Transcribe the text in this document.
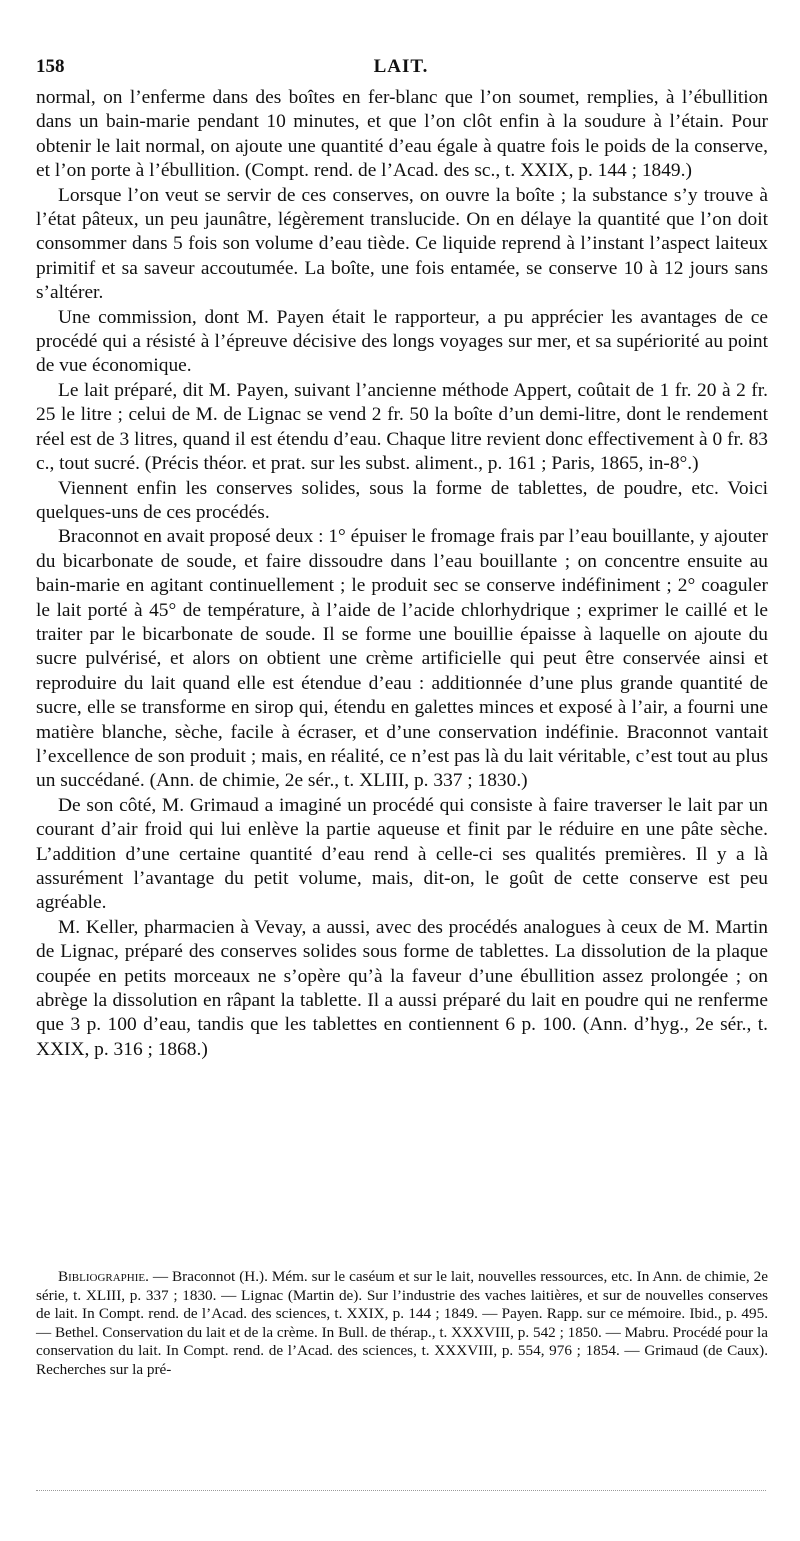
158	LAIT.

normal, on l’enferme dans des boîtes en fer-blanc que l’on soumet, remplies, à l’ébullition dans un bain-marie pendant 10 minutes, et que l’on clôt enfin à la soudure à l’étain. Pour obtenir le lait normal, on ajoute une quantité d’eau égale à quatre fois le poids de la conserve, et l’on porte à l’ébullition. (Compt. rend. de l’Acad. des sc., t. XXIX, p. 144 ; 1849.)

Lorsque l’on veut se servir de ces conserves, on ouvre la boîte ; la substance s’y trouve à l’état pâteux, un peu jaunâtre, légèrement translucide. On en délaye la quantité que l’on doit consommer dans 5 fois son volume d’eau tiède. Ce liquide reprend à l’instant l’aspect laiteux primitif et sa saveur accoutumée. La boîte, une fois entamée, se conserve 10 à 12 jours sans s’altérer.

Une commission, dont M. Payen était le rapporteur, a pu apprécier les avantages de ce procédé qui a résisté à l’épreuve décisive des longs voyages sur mer, et sa supériorité au point de vue économique.

Le lait préparé, dit M. Payen, suivant l’ancienne méthode Appert, coûtait de 1 fr. 20 à 2 fr. 25 le litre ; celui de M. de Lignac se vend 2 fr. 50 la boîte d’un demi-litre, dont le rendement réel est de 3 litres, quand il est étendu d’eau. Chaque litre revient donc effectivement à 0 fr. 83 c., tout sucré. (Précis théor. et prat. sur les subst. aliment., p. 161 ; Paris, 1865, in-8°.)

Viennent enfin les conserves solides, sous la forme de tablettes, de poudre, etc. Voici quelques-uns de ces procédés.

Braconnot en avait proposé deux : 1° épuiser le fromage frais par l’eau bouillante, y ajouter du bicarbonate de soude, et faire dissoudre dans l’eau bouillante ; on concentre ensuite au bain-marie en agitant continuellement ; le produit sec se conserve indéfiniment ; 2° coaguler le lait porté à 45° de température, à l’aide de l’acide chlorhydrique ; exprimer le caillé et le traiter par le bicarbonate de soude. Il se forme une bouillie épaisse à laquelle on ajoute du sucre pulvérisé, et alors on obtient une crème artificielle qui peut être conservée ainsi et reproduire du lait quand elle est étendue d’eau : additionnée d’une plus grande quantité de sucre, elle se transforme en sirop qui, étendu en galettes minces et exposé à l’air, a fourni une matière blanche, sèche, facile à écraser, et d’une conservation indéfinie. Braconnot vantait l’excellence de son produit ; mais, en réalité, ce n’est pas là du lait véritable, c’est tout au plus un succédané. (Ann. de chimie, 2e sér., t. XLIII, p. 337 ; 1830.)

De son côté, M. Grimaud a imaginé un procédé qui consiste à faire traverser le lait par un courant d’air froid qui lui enlève la partie aqueuse et finit par le réduire en une pâte sèche. L’addition d’une certaine quantité d’eau rend à celle-ci ses qualités premières. Il y a là assurément l’avantage du petit volume, mais, dit-on, le goût de cette conserve est peu agréable.

M. Keller, pharmacien à Vevay, a aussi, avec des procédés analogues à ceux de M. Martin de Lignac, préparé des conserves solides sous forme de tablettes. La dissolution de la plaque coupée en petits morceaux ne s’opère qu’à la faveur d’une ébullition assez prolongée ; on abrège la dissolution en râpant la tablette. Il a aussi préparé du lait en poudre qui ne renferme que 3 p. 100 d’eau, tandis que les tablettes en contiennent 6 p. 100. (Ann. d’hyg., 2e sér., t. XXIX, p. 316 ; 1868.)

Bibliographie. — Braconnot (H.). Mém. sur le caséum et sur le lait, nouvelles ressources, etc. In Ann. de chimie, 2e série, t. XLIII, p. 337 ; 1830. — Lignac (Martin de). Sur l’industrie des vaches laitières, et sur de nouvelles conserves de lait. In Compt. rend. de l’Acad. des sciences, t. XXIX, p. 144 ; 1849. — Payen. Rapp. sur ce mémoire. Ibid., p. 495. — Bethel. Conservation du lait et de la crème. In Bull. de thérap., t. XXXVIII, p. 542 ; 1850. — Mabru. Procédé pour la conservation du lait. In Compt. rend. de l’Acad. des sciences, t. XXXVIII, p. 554, 976 ; 1854. — Grimaud (de Caux). Recherches sur la pré-
